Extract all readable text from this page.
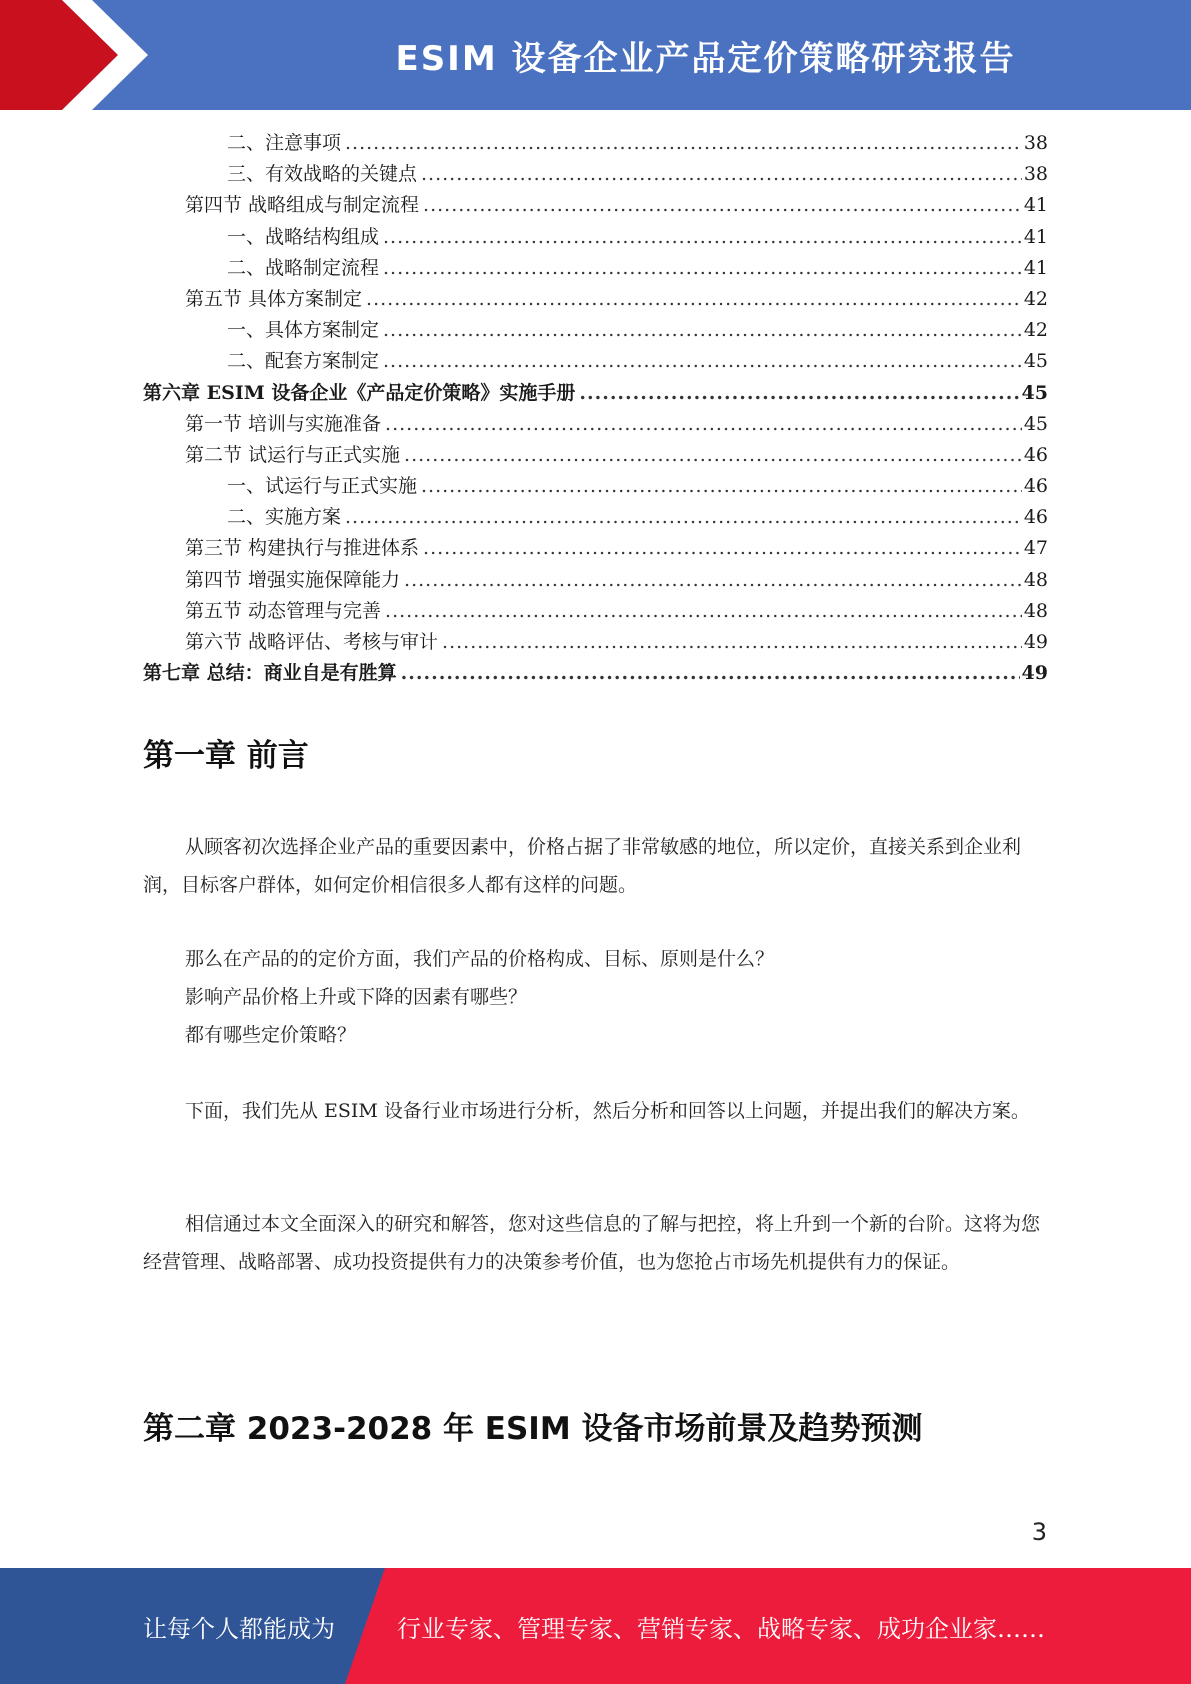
ESIM 设备企业产品定价策略研究报告
二、注意事项 .....	38
三、有效战略的关键点 .....	38
第四节 战略组成与制定流程 .....	41
一、战略结构组成 .....	41
二、战略制定流程 .....	41
第五节 具体方案制定 .....	42
一、具体方案制定 .....	42
二、配套方案制定 .....	45
第六章 ESIM 设备企业《产品定价策略》实施手册 .....	45
第一节 培训与实施准备 .....	45
第二节 试运行与正式实施 .....	46
一、试运行与正式实施 .....	46
二、实施方案 .....	46
第三节 构建执行与推进体系 .....	47
第四节 增强实施保障能力 .....	48
第五节 动态管理与完善 .....	48
第六节 战略评估、考核与审计 .....	49
第七章 总结：商业自是有胜算 .....	49
第一章 前言

从顾客初次选择企业产品的重要因素中，价格占据了非常敏感的地位，所以定价，直接关系到企业利润，目标客户群体，如何定价相信很多人都有这样的问题。

那么在产品的的定价方面，我们产品的价格构成、目标、原则是什么？
影响产品价格上升或下降的因素有哪些？
都有哪些定价策略？

下面，我们先从 ESIM 设备行业市场进行分析，然后分析和回答以上问题，并提出我们的解决方案。

相信通过本文全面深入的研究和解答，您对这些信息的了解与把控，将上升到一个新的台阶。这将为您经营管理、战略部署、成功投资提供有力的决策参考价值，也为您抢占市场先机提供有力的保证。

第二章 2023-2028 年 ESIM 设备市场前景及趋势预测
3
让每个人都能成为	行业专家、管理专家、营销专家、战略专家、成功企业家……
